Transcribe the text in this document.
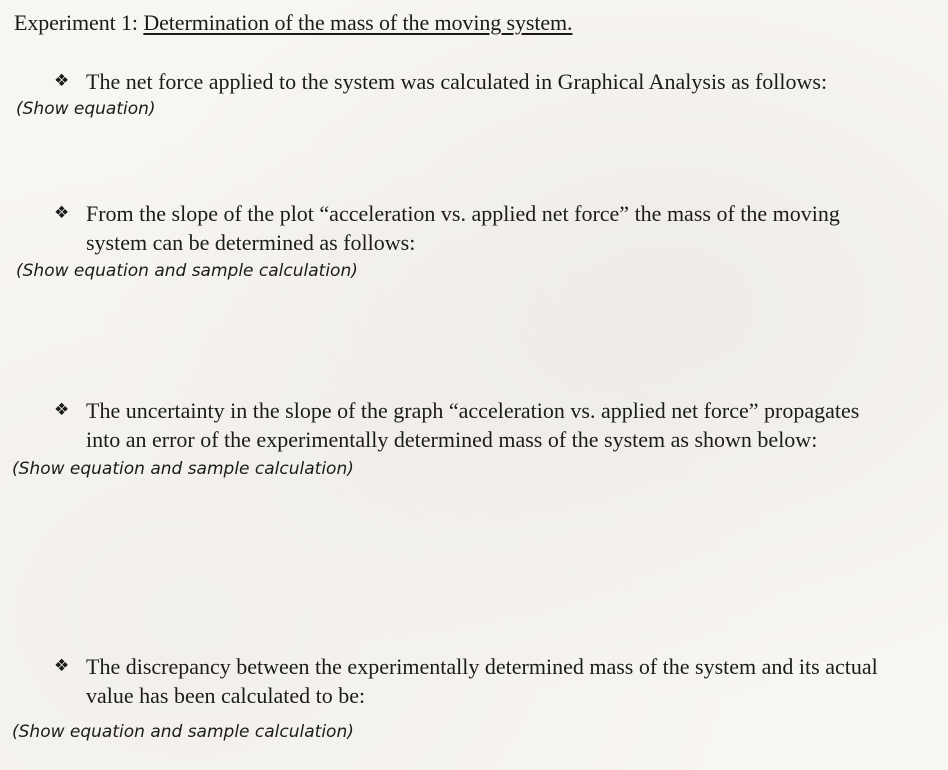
Experiment 1: Determination of the mass of the moving system.
❖ The net force applied to the system was calculated in Graphical Analysis as follows:
(Show equation)
❖ From the slope of the plot “acceleration vs. applied net force” the mass of the moving
system can be determined as follows:
(Show equation and sample calculation)
❖ The uncertainty in the slope of the graph “acceleration vs. applied net force” propagates
into an error of the experimentally determined mass of the system as shown below:
(Show equation and sample calculation)
❖ The discrepancy between the experimentally determined mass of the system and its actual
value has been calculated to be:
(Show equation and sample calculation)
